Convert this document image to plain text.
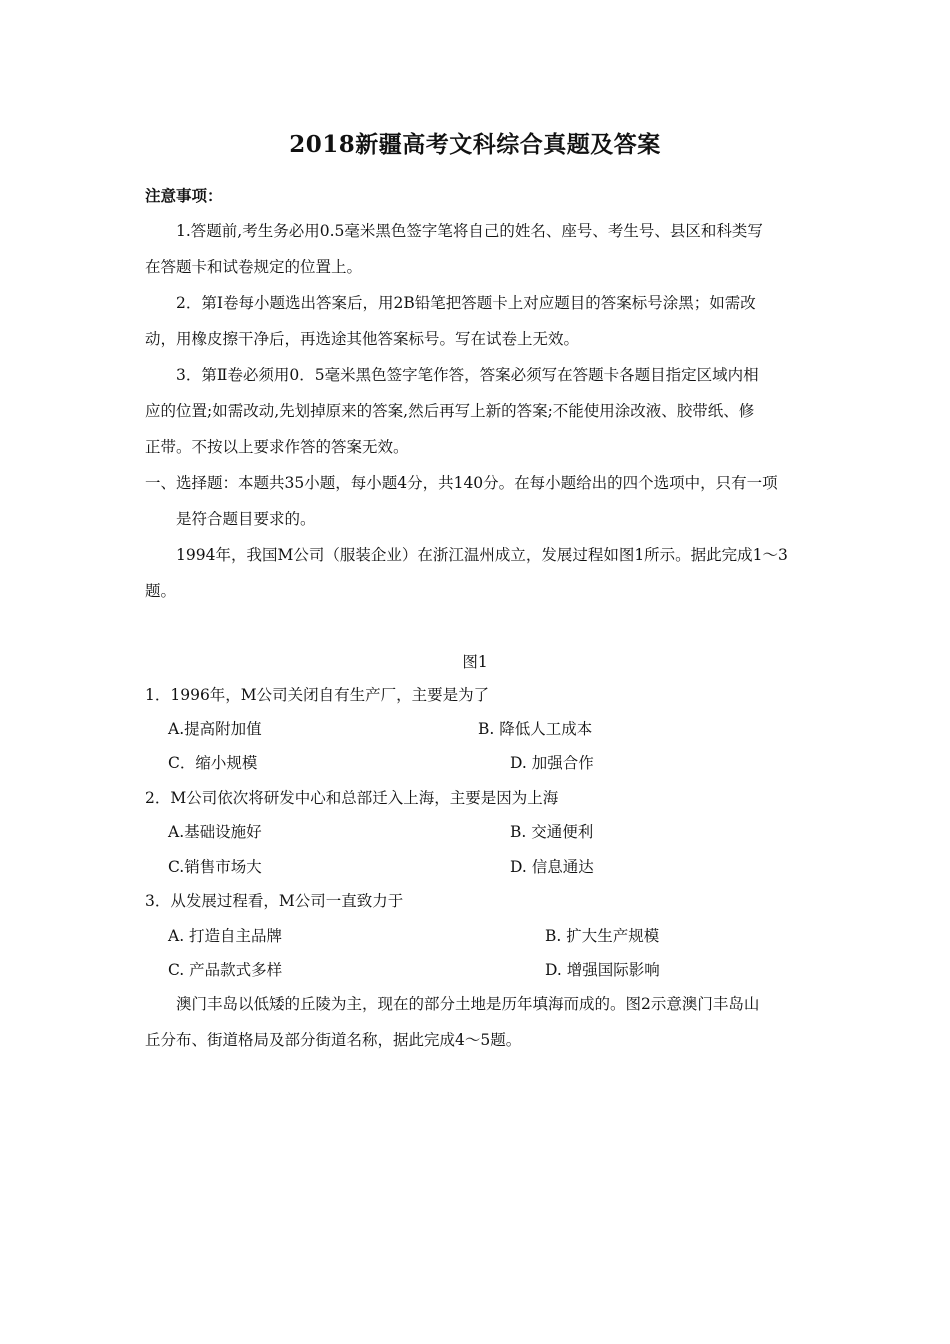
2018新疆高考文科综合真题及答案
注意事项：
1.答题前,考生务必用0.5毫米黑色签字笔将自己的姓名、座号、考生号、县区和科类写
在答题卡和试卷规定的位置上。
2．第Ⅰ卷每小题选出答案后，用2B铅笔把答题卡上对应题目的答案标号涂黑；如需改
动，用橡皮擦干净后，再选途其他答案标号。写在试卷上无效。
3．第Ⅱ卷必须用0．5毫米黑色签字笔作答，答案必须写在答题卡各题目指定区域内相
应的位置;如需改动,先划掉原来的答案,然后再写上新的答案;不能使用涂改液、胶带纸、修
正带。不按以上要求作答的答案无效。
一、选择题：本题共35小题，每小题4分，共140分。在每小题给出的四个选项中，只有一项
是符合题目要求的。
1994年，我国M公司（服装企业）在浙江温州成立，发展过程如图1所示。据此完成1～3
题。
图1
1．1996年，M公司关闭自有生产厂，主要是为了
A.提高附加值	B. 降低人工成本
C．缩小规模	D. 加强合作
2．M公司依次将研发中心和总部迁入上海，主要是因为上海
A.基础设施好	B. 交通便利
C.销售市场大	D. 信息通达
3．从发展过程看，M公司一直致力于
A. 打造自主品牌	B. 扩大生产规模
C. 产品款式多样	D. 增强国际影响
澳门丰岛以低矮的丘陵为主，现在的部分土地是历年填海而成的。图2示意澳门丰岛山
丘分布、街道格局及部分街道名称，据此完成4～5题。
